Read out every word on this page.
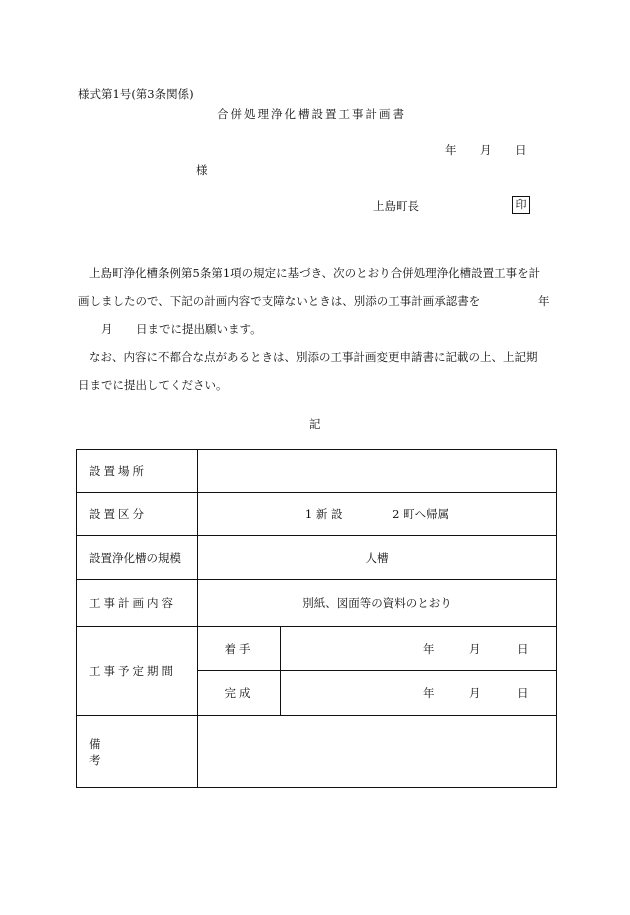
様式第1号(第3条関係)
合併処理浄化槽設置工事計画書
年 月 日
様
上島町長	印
上島町浄化槽条例第5条第1項の規定に基づき、次のとおり合併処理浄化槽設置工事を計
画しましたので、下記の計画内容で支障ないときは、別添の工事計画承認書を	年
月 日までに提出願います。
なお、内容に不都合な点があるときは、別添の工事計画変更申請書に記載の上、上記期
日までに提出してください。
記
設置場所		
設置区分	1 新 設 2 町へ帰属	
設置浄化槽の規模	人槽	
工事計画内容	別紙、図面等の資料のとおり	
工事予定期間	着手	年 月 日

	完成	年 月 日

備考		
